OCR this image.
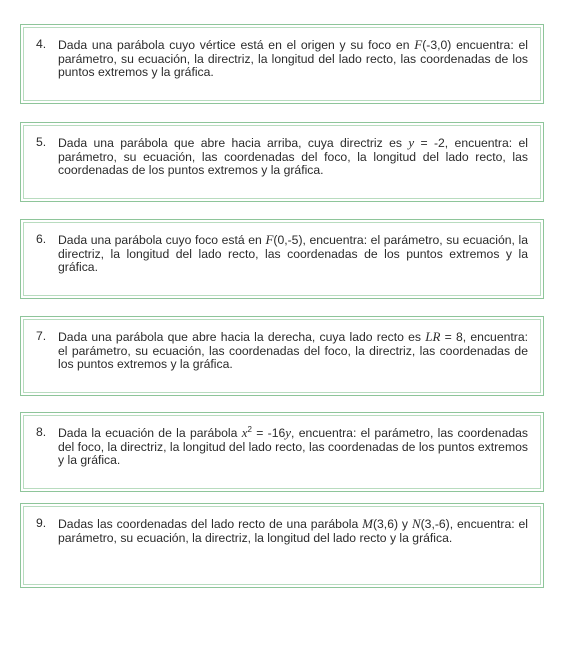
4. Dada una parábola cuyo vértice está en el origen y su foco en F(-3,0) encuentra: el parámetro, su ecuación, la directriz, la longitud del lado recto, las coordenadas de los puntos extremos y la gráfica.
5. Dada una parábola que abre hacia arriba, cuya directriz es y = -2, encuentra: el parámetro, su ecuación, las coordenadas del foco, la longitud del lado recto, las coordenadas de los puntos extremos y la gráfica.
6. Dada una parábola cuyo foco está en F(0,-5), encuentra: el parámetro, su ecuación, la directriz, la longitud del lado recto, las coordenadas de los puntos extremos y la gráfica.
7. Dada una parábola que abre hacia la derecha, cuya lado recto es LR = 8, encuentra: el parámetro, su ecuación, las coordenadas del foco, la directriz, las coordenadas de los puntos extremos y la gráfica.
8. Dada la ecuación de la parábola $x^2 = -16y$, encuentra: el parámetro, las coordenadas del foco, la directriz, la longitud del lado recto, las coordenadas de los puntos extremos y la gráfica.
9. Dadas las coordenadas del lado recto de una parábola M(3,6) y N(3,-6), encuentra: el parámetro, su ecuación, la directriz, la longitud del lado recto y la gráfica.
